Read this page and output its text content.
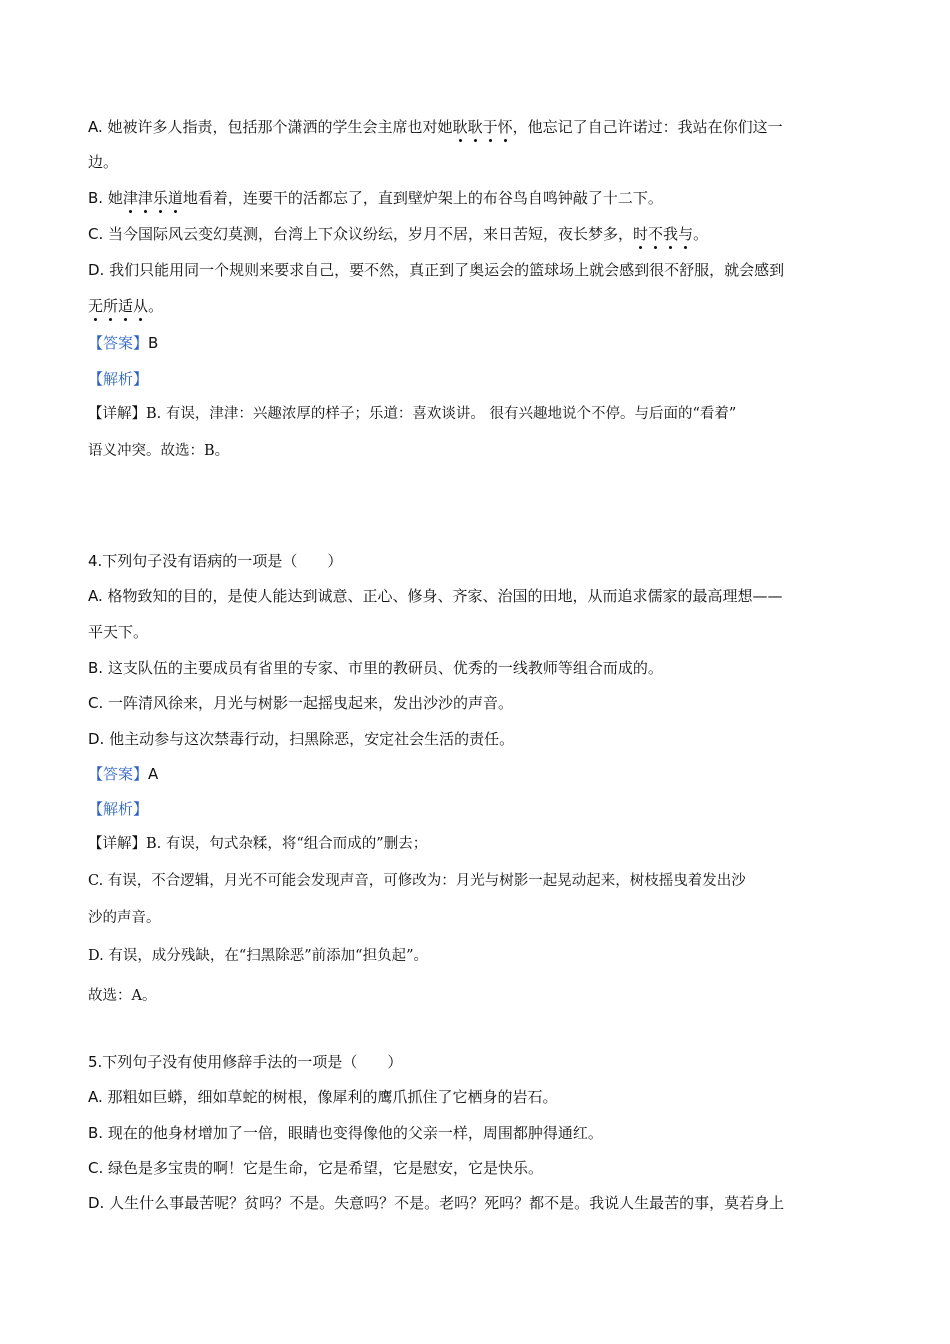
A. 她被许多人指责，包括那个潇洒的学生会主席也对她耿耿于怀，他忘记了自己许诺过：我站在你们这一
边。
B. 她津津乐道地看着，连要干的活都忘了，直到壁炉架上的布谷鸟自鸣钟敲了十二下。
C. 当今国际风云变幻莫测，台湾上下众议纷纭，岁月不居，来日苦短，夜长梦多，时不我与。
D. 我们只能用同一个规则来要求自己，要不然，真正到了奥运会的篮球场上就会感到很不舒服，就会感到
无所适从。
【答案】B
【解析】
【详解】B. 有误，津津：兴趣浓厚的样子；乐道：喜欢谈讲。 很有兴趣地说个不停。与后面的“看着”
语义冲突。故选：B。
4.下列句子没有语病的一项是（　　）
A. 格物致知的目的，是使人能达到诚意、正心、修身、齐家、治国的田地，从而追求儒家的最高理想——
平天下。
B. 这支队伍的主要成员有省里的专家、市里的教研员、优秀的一线教师等组合而成的。
C. 一阵清风徐来，月光与树影一起摇曳起来，发出沙沙的声音。
D. 他主动参与这次禁毒行动，扫黑除恶，安定社会生活的责任。
【答案】A
【解析】
【详解】B. 有误，句式杂糅，将“组合而成的”删去；
C. 有误，不合逻辑，月光不可能会发现声音，可修改为：月光与树影一起晃动起来，树枝摇曳着发出沙
沙的声音。
D. 有误，成分残缺，在“扫黑除恶”前添加“担负起”。
故选：A。
5.下列句子没有使用修辞手法的一项是（　　）
A. 那粗如巨蟒，细如草蛇的树根，像犀利的鹰爪抓住了它栖身的岩石。
B. 现在的他身材增加了一倍，眼睛也变得像他的父亲一样，周围都肿得通红。
C. 绿色是多宝贵的啊！它是生命，它是希望，它是慰安，它是快乐。
D. 人生什么事最苦呢？贫吗？不是。失意吗？不是。老吗？死吗？都不是。我说人生最苦的事，莫若身上
